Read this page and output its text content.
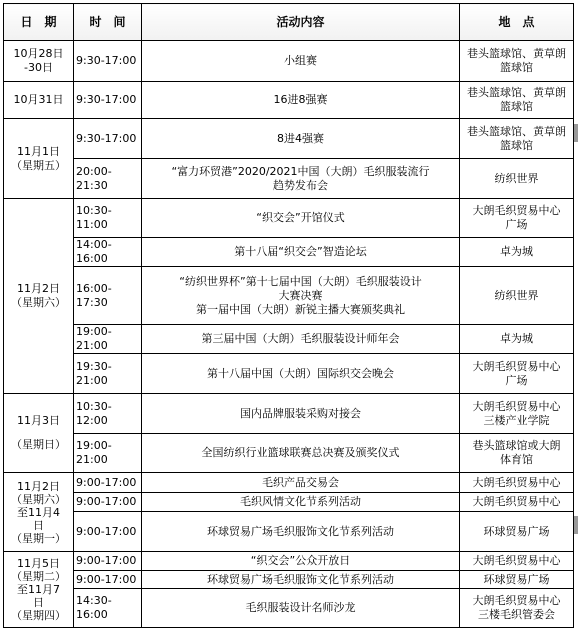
日　期	时　间	活动内容	地　点

10月28日
-30日	9:30-17:00	小组赛	巷头篮球馆、黄草朗
篮球馆

10月31日	9:30-17:00	16进8强赛	巷头篮球馆、黄草朗
篮球馆

11月1日
（星期五）	9:30-17:00	8进4强赛	巷头篮球馆、黄草朗
篮球馆

	20:00-21:30	“富力环贸港”2020/2021中国（大朗）毛织服装流行
趋势发布会	纺织世界

11月2日
（星期六）	10:30-11:00	“织交会”开馆仪式	大朗毛织贸易中心
广场

	14:00-16:00	第十八届“织交会”智造论坛	卓为城

	16:00-17:30	“纺织世界杯”第十七届中国（大朗）毛织服装设计
大赛决赛
第一届中国（大朗）新锐主播大赛颁奖典礼	纺织世界

	19:00-21:00	第三届中国（大朗）毛织服装设计师年会	卓为城

	19:30-21:00	第十八届中国（大朗）国际织交会晚会	大朗毛织贸易中心
广场

11月3日
（星期日）	10:30-12:00	国内品牌服装采购对接会	大朗毛织贸易中心
三楼产业学院

	19:00-21:00	全国纺织行业篮球联赛总决赛及颁奖仪式	巷头篮球馆或大朗
体育馆

11月2日
（星期六）
至11月4
日
（星期一）	9:00-17:00	毛织产品交易会	大朗毛织贸易中心

	9:00-17:00	毛织风情文化节系列活动	大朗毛织贸易中心

	9:00-17:00	环球贸易广场毛织服饰文化节系列活动	环球贸易广场

11月5日
（星期二）
至11月7
日
（星期四）	9:00-17:00	“织交会”公众开放日	大朗毛织贸易中心

	9:00-17:00	环球贸易广场毛织服饰文化节系列活动	环球贸易广场

	14:30-16:00	毛织服装设计名师沙龙	大朗毛织贸易中心
三楼毛织管委会
